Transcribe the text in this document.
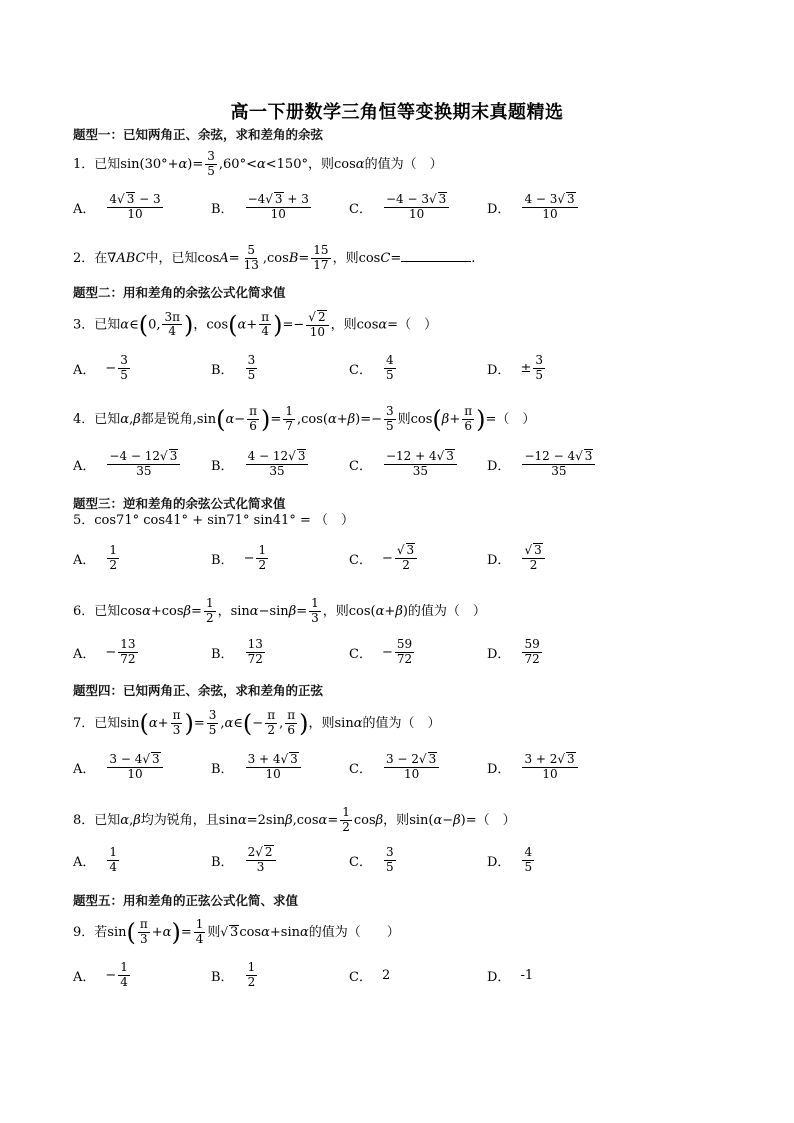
高一下册数学三角恒等变换期末真题精选
题型一：已知两角正、余弦，求和差角的余弦
1．已知$\sin(30^\circ+\alpha)= \frac{3}{5} ,60^\circ<\alpha<150^\circ$，则cosα的值为（　）
A．
4√ 3 − 3
10	B．
−4√ 3 + 3
10	C．
−4 − 3√ 3
10	D．
4 − 3√ 3
10
2．在∇ABC中，已知$\cos A= \frac{5}{13} ,\cos B= \frac{15}{17}$ ，则cosC=	.
题型二：用和差角的余弦公式化简求值
3．已知α∈(0, $\frac{3\pi}{4}$ )，$\cos(\alpha+ \frac{\pi}{4}$ )=− $\frac{√ 2}{10}$ ，则cosα=（　）
A． −
3
5	B．
3
5	C．
4
5	D． ±
3
5
4．已知α,β都是锐角$,\sin(\alpha- \frac{\pi}{6}$ )= $\frac{1}{7} ,\cos(\alpha+\beta)=- \frac{3}{5}$ 则$\cos(\beta+ \frac{\pi}{6}$ )=（　）
A．
−4 − 12√ 3
35	B．
4 − 12√ 3
35	C．
−12 + 4√ 3
35	D．
−12 − 4√ 3
35
题型三：逆和差角的余弦公式化简求值
5．cos71° cos41° + sin71° sin41° = （　）
A．
1
2	B． −
1
2	C． −
√ 3
2	D．
√ 3
2
6．已知$\cos\alpha+\cos\beta= \frac{1}{2}$ ，$\sin\alpha-\sin\beta= \frac{1}{3}$ ，则cos(α+β)的值为（　）
A． −
13
72	B．
13
72	C． −
59
72	D．
59
72
题型四：已知两角正、余弦，求和差角的正弦
7．已知$\sin(\alpha+ \frac{\pi}{3}$ )= $\frac{3}{5}$ ,α∈(− $\frac{\pi}{2}$ , $\frac{\pi}{6}$ )，则sinα的值为（　）
A．
3 − 4√ 3
10	B．
3 + 4√ 3
10	C．
3 − 2√ 3
10	D．
3 + 2√ 3
10
8．已知α,β均为锐角，且$\sin\alpha=2\sin\beta,\cos\alpha= \frac{1}{2}$ cosβ，则sin(α−β)=（　）
A．
1
4	B．
2√ 2
3	C．
3
5	D．
4
5
题型五：用和差角的正弦公式化简、求值
9．若$\sin( \frac{\pi}{3} +\alpha)= \frac{1}{4}$ 则√ 3cosα+sinα的值为（　　）
A． −
1
4	B．
1
2	C． 2	D． -1
